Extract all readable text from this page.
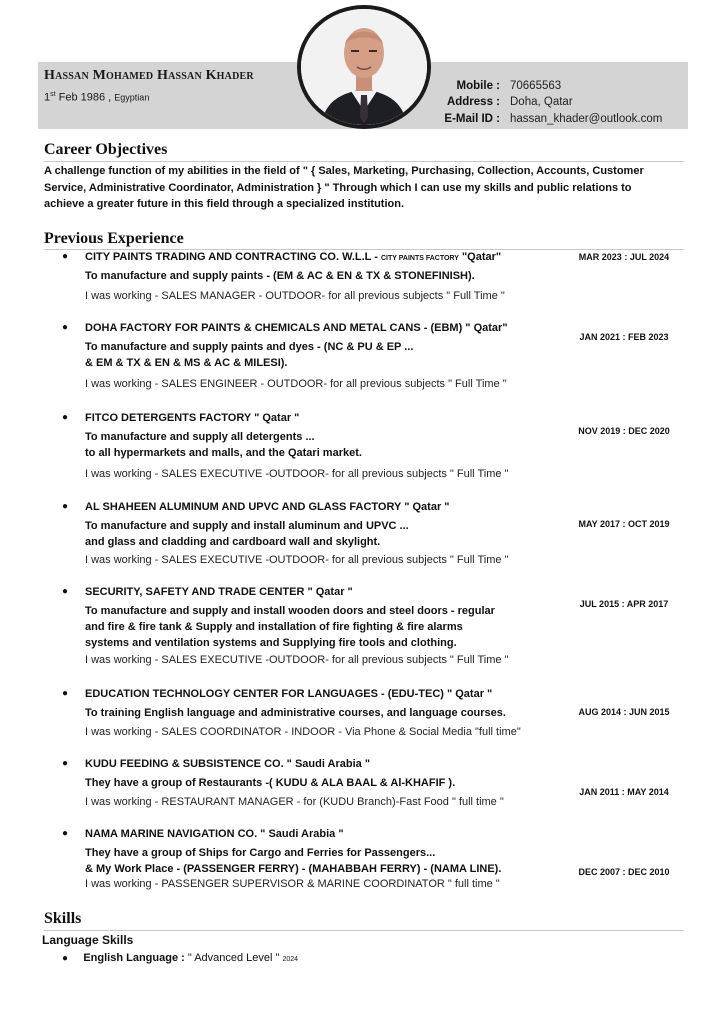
Hassan Mohamed Hassan Khader
1st Feb 1986 , Egyptian
Mobile : 70665563
Address : Doha, Qatar
E-Mail ID : hassan_khader@outlook.com
Career Objectives
A challenge function of my abilities in the field of " { Sales, Marketing, Purchasing, Collection, Accounts, Customer Service, Administrative Coordinator, Administration } " Through which I can use my skills and public relations to achieve a greater future in this field through a specialized institution.
Previous Experience
● CITY PAINTS TRADING AND CONTRACTING CO. W.L.L - CITY PAINTS FACTORY "Qatar"
To manufacture and supply paints - (EM & AC & EN & TX & STONEFINISH).
I was working - SALES MANAGER - OUTDOOR- for all previous subjects " Full Time "
MAR 2023 : JUL 2024
● DOHA FACTORY FOR PAINTS & CHEMICALS AND METAL CANS - (EBM) " Qatar"
To manufacture and supply paints and dyes - (NC & PU & EP ...
& EM & TX & EN & MS & AC & MILESI).
I was working - SALES ENGINEER - OUTDOOR- for all previous subjects " Full Time "
JAN 2021 : FEB 2023
● FITCO DETERGENTS FACTORY " Qatar "
To manufacture and supply all detergents ...
to all hypermarkets and malls, and the Qatari market.
I was working - SALES EXECUTIVE -OUTDOOR- for all previous subjects " Full Time "
NOV 2019 : DEC 2020
● AL SHAHEEN ALUMINUM AND UPVC AND GLASS FACTORY " Qatar "
To manufacture and supply and install aluminum and UPVC ...
and glass and cladding and cardboard wall and skylight.
I was working - SALES EXECUTIVE -OUTDOOR- for all previous subjects " Full Time "
MAY 2017 : OCT 2019
● SECURITY, SAFETY AND TRADE CENTER " Qatar "
To manufacture and supply and install wooden doors and steel doors - regular
and fire & fire tank & Supply and installation of fire fighting & fire alarms
systems and ventilation systems and Supplying fire tools and clothing.
I was working - SALES EXECUTIVE -OUTDOOR- for all previous subjects " Full Time "
JUL 2015 : APR 2017
● EDUCATION TECHNOLOGY CENTER FOR LANGUAGES - (EDU-TEC) " Qatar "
To training English language and administrative courses, and language courses.
I was working - SALES COORDINATOR - INDOOR - Via Phone & Social Media "full time"
AUG 2014 : JUN 2015
● KUDU FEEDING & SUBSISTENCE CO. " Saudi Arabia "
They have a group of Restaurants -( KUDU & ALA BAAL & Al-KHAFIF ).
I was working - RESTAURANT MANAGER - for (KUDU Branch)-Fast Food " full time "
JAN 2011 : MAY 2014
● NAMA MARINE NAVIGATION CO. " Saudi Arabia "
They have a group of Ships for Cargo and Ferries for Passengers...
& My Work Place - (PASSENGER FERRY) - (MAHABBAH FERRY) - (NAMA LINE).
I was working - PASSENGER SUPERVISOR & MARINE COORDINATOR " full time "
DEC 2007 : DEC 2010
Skills
Language Skills
● English Language : " Advanced Level " 2024
